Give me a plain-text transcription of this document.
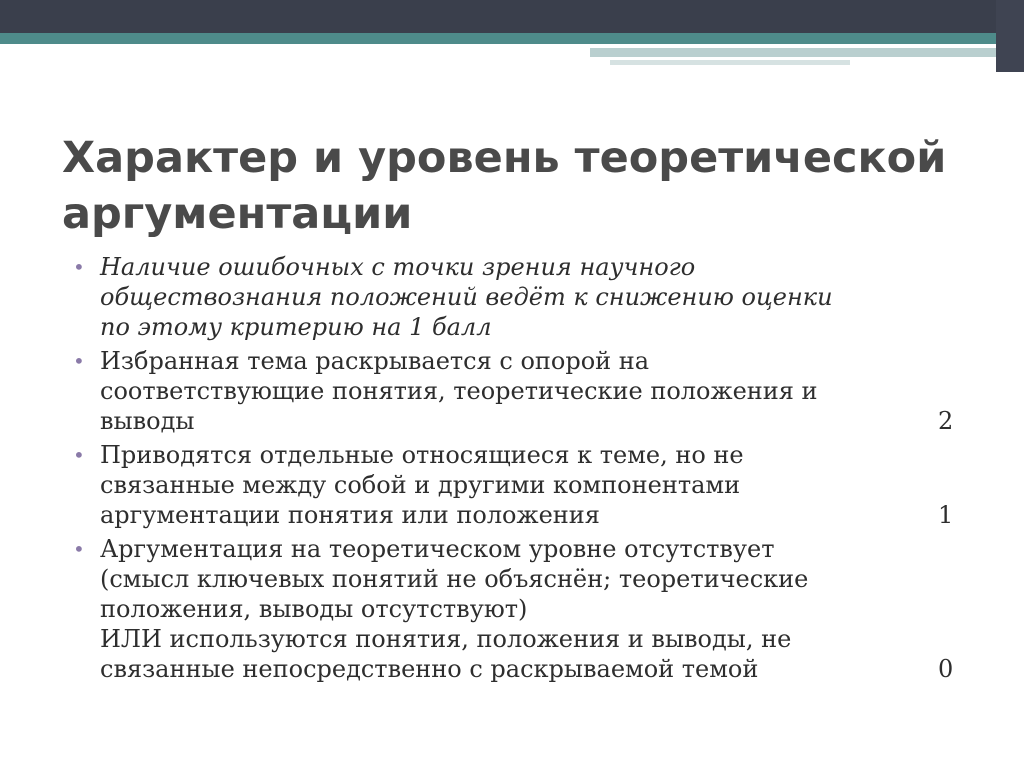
Характер и уровень теоретической
аргументации
• Наличие ошибочных с точки зрения научного
обществознания положений ведёт к снижению оценки
по этому критерию на 1 балл
• Избранная тема раскрывается с опорой на
соответствующие понятия, теоретические положения и
выводы	2
• Приводятся отдельные относящиеся к теме, но не
связанные между собой и другими компонентами
аргументации понятия или положения	1
• Аргументация на теоретическом уровне отсутствует
(смысл ключевых понятий не объяснён; теоретические
положения, выводы отсутствуют)
ИЛИ используются понятия, положения и выводы, не
связанные непосредственно с раскрываемой темой	0
